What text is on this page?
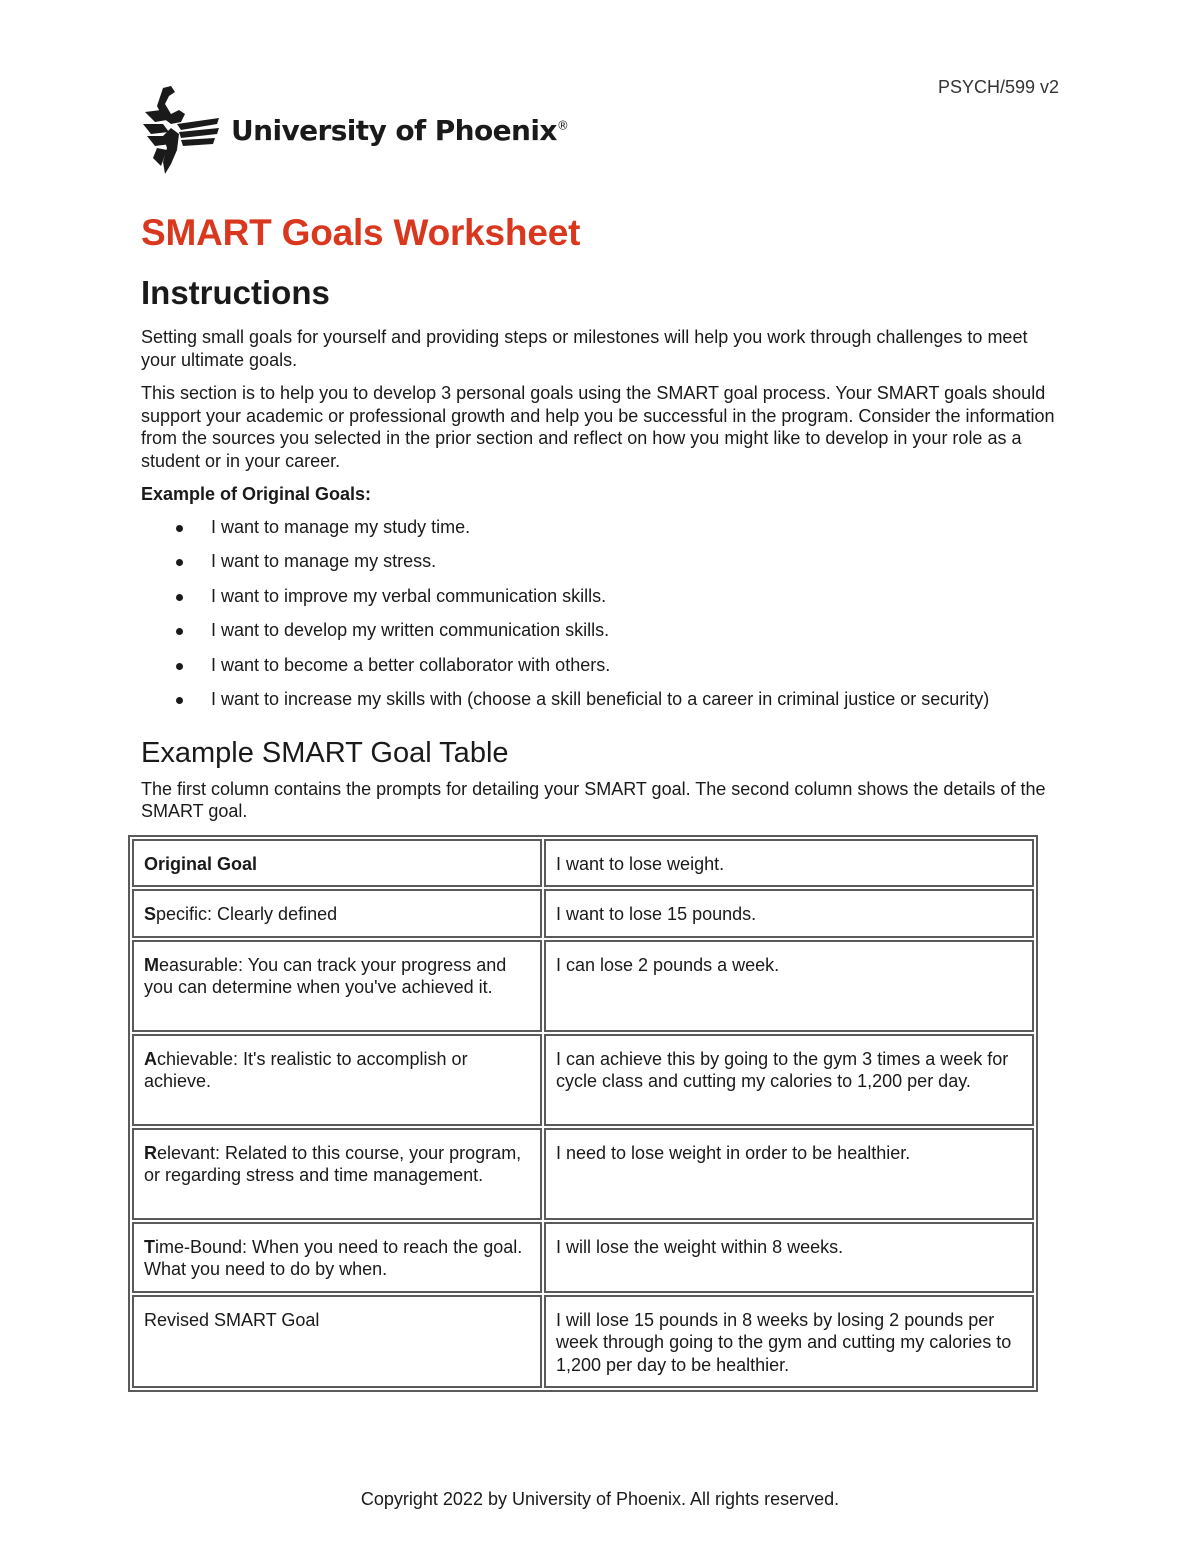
PSYCH/599 v2
University of Phoenix®
SMART Goals Worksheet
Instructions

Setting small goals for yourself and providing steps or milestones will help you work through challenges to meet your ultimate goals.

This section is to help you to develop 3 personal goals using the SMART goal process. Your SMART goals should support your academic or professional growth and help you be successful in the program. Consider the information from the sources you selected in the prior section and reflect on how you might like to develop in your role as a student or in your career.

Example of Original Goals:

I want to manage my study time.
I want to manage my stress.
I want to improve my verbal communication skills.
I want to develop my written communication skills.
I want to become a better collaborator with others.
I want to increase my skills with (choose a skill beneficial to a career in criminal justice or security)
Example SMART Goal Table

The first column contains the prompts for detailing your SMART goal. The second column shows the details of the SMART goal.

Original Goal	I want to lose weight.
Specific: Clearly defined	I want to lose 15 pounds.
Measurable: You can track your progress and you can determine when you've achieved it.	I can lose 2 pounds a week.
Achievable: It's realistic to accomplish or achieve.	I can achieve this by going to the gym 3 times a week for cycle class and cutting my calories to 1,200 per day.
Relevant: Related to this course, your program, or regarding stress and time management.	I need to lose weight in order to be healthier.
Time-Bound: When you need to reach the goal. What you need to do by when.	I will lose the weight within 8 weeks.
Revised SMART Goal	I will lose 15 pounds in 8 weeks by losing 2 pounds per week through going to the gym and cutting my calories to 1,200 per day to be healthier.
Copyright 2022 by University of Phoenix. All rights reserved.
